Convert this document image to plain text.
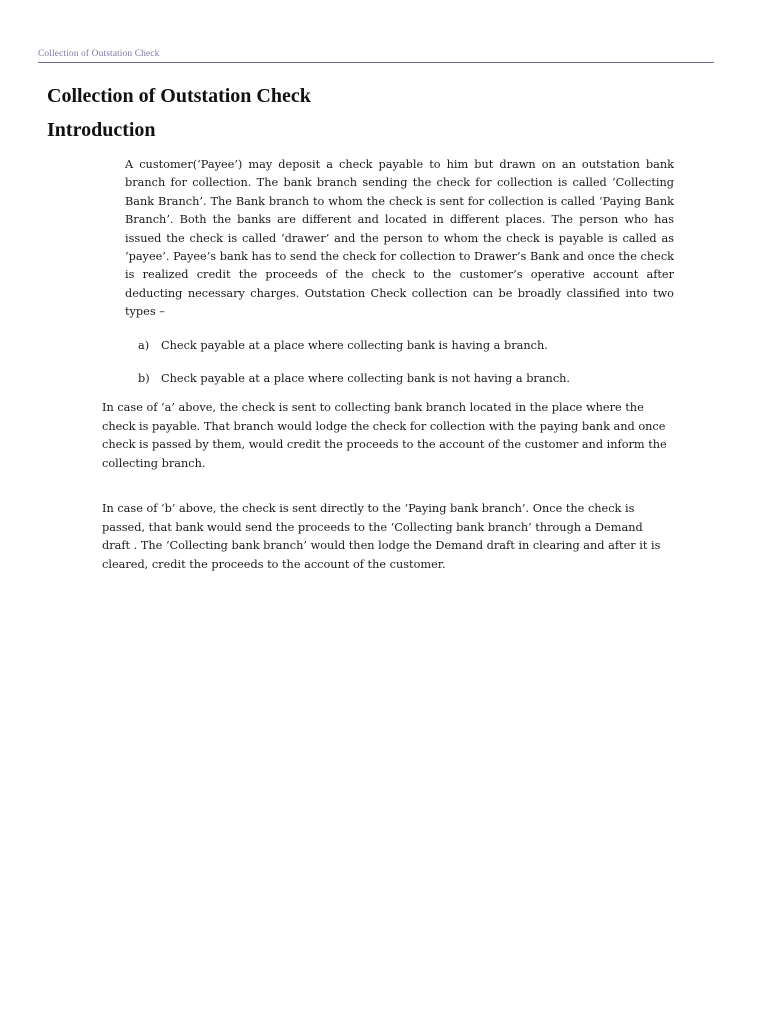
Collection of Outstation Check
Collection of Outstation Check
Introduction

A customer(‘Payee’) may deposit a check payable to him but drawn on an outstation bank branch for collection. The bank branch sending the check for collection is called ‘Collecting Bank Branch’. The Bank branch to whom the check is sent for collection is called ‘Paying Bank Branch’. Both the banks are different and located in different places. The person who has issued the check is called ‘drawer’ and the person to whom the check is payable is called as ‘payee’. Payee’s bank has to send the check for collection to Drawer’s Bank and once the check is realized credit the proceeds of the check to the customer’s operative account after deducting necessary charges. Outstation Check collection can be broadly classified into two types –

a) Check payable at a place where collecting bank is having a branch.
b) Check payable at a place where collecting bank is not having a branch.

In case of ‘a’ above, the check is sent to collecting bank branch located in the place where the check is payable. That branch would lodge the check for collection with the paying bank and once check is passed by them, would credit the proceeds to the account of the customer and inform the collecting branch.

In case of ‘b’ above, the check is sent directly to the ‘Paying bank branch’. Once the check is passed, that bank would send the proceeds to the ‘Collecting bank branch’ through a Demand draft . The ‘Collecting bank branch’ would then lodge the Demand draft in clearing and after it is cleared, credit the proceeds to the account of the customer.
